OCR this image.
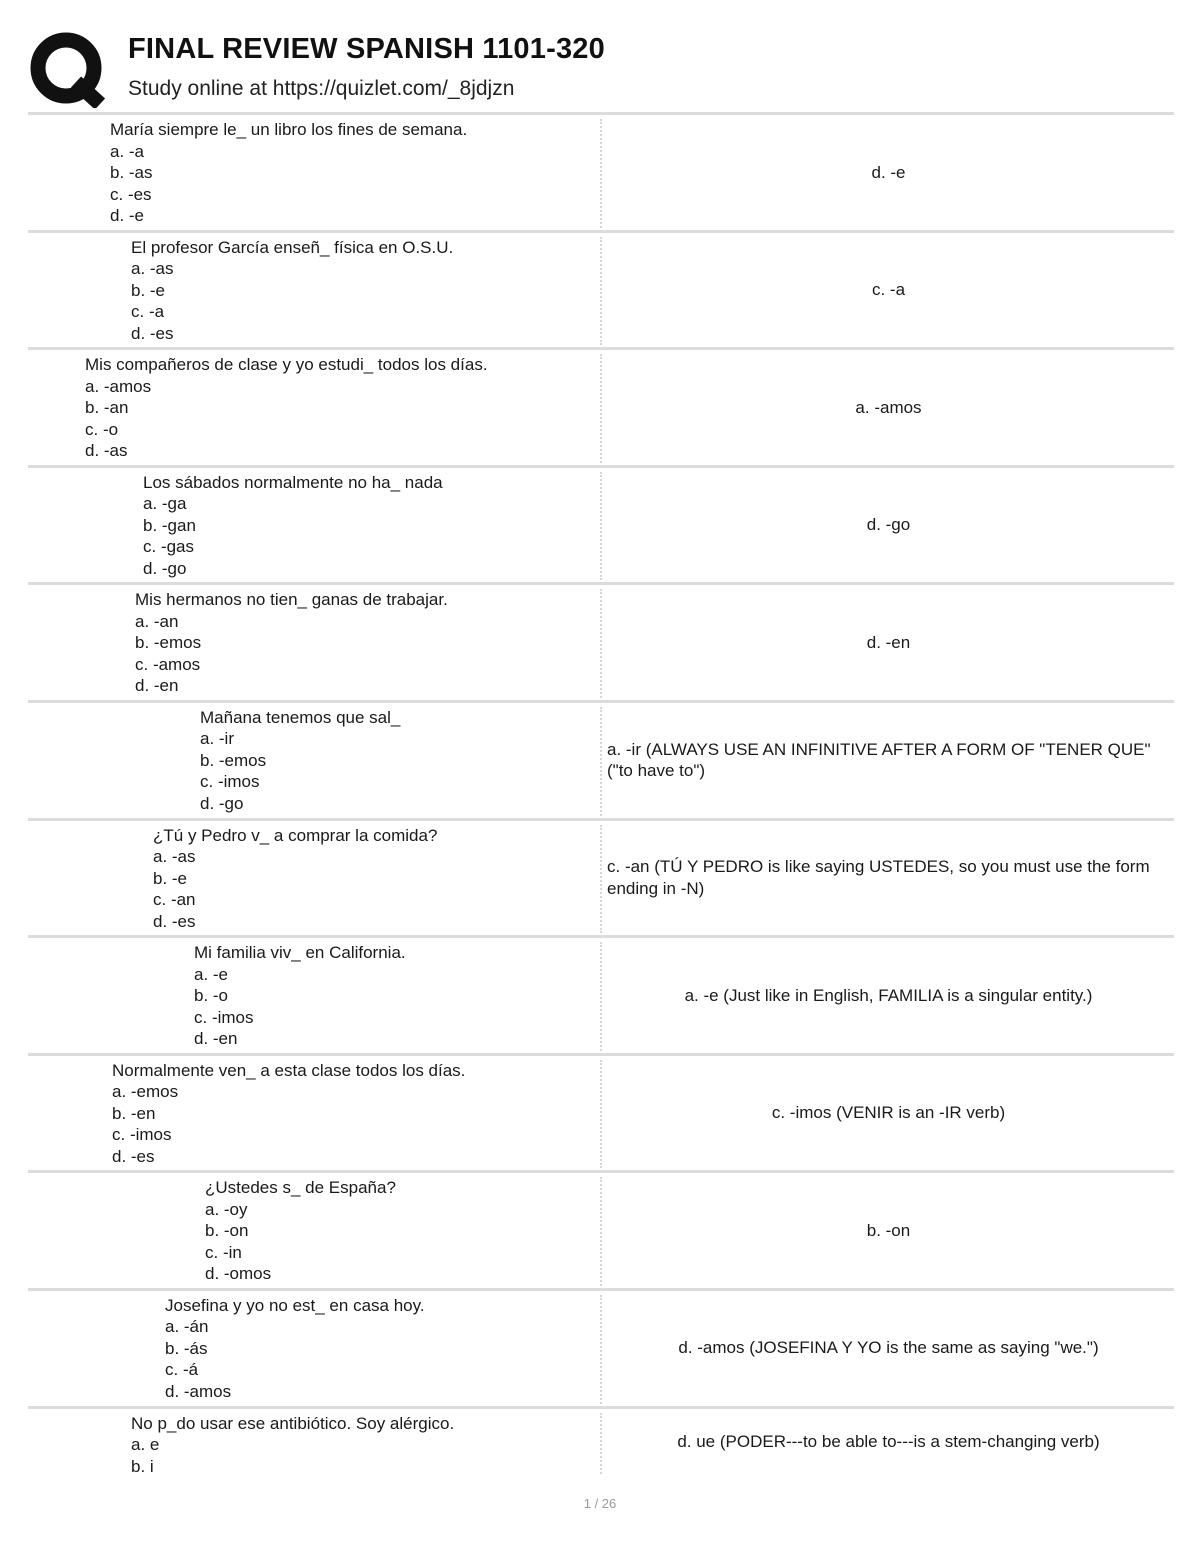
FINAL REVIEW SPANISH 1101-320

Study online at https://quizlet.com/_8jdjzn

María siempre le_ un libro los fines de semana.
a. -a
b. -as
c. -es
d. -e
d. -e
El profesor García enseñ_ física en O.S.U.
a. -as
b. -e
c. -a
d. -es
c. -a
Mis compañeros de clase y yo estudi_ todos los días.
a. -amos
b. -an
c. -o
d. -as
a. -amos
Los sábados normalmente no ha_ nada
a. -ga
b. -gan
c. -gas
d. -go
d. -go
Mis hermanos no tien_ ganas de trabajar.
a. -an
b. -emos
c. -amos
d. -en
d. -en
Mañana tenemos que sal_
a. -ir
b. -emos
c. -imos
d. -go
a. -ir (ALWAYS USE AN INFINITIVE AFTER A FORM OF "TENER QUE" ("to have to")
¿Tú y Pedro v_ a comprar la comida?
a. -as
b. -e
c. -an
d. -es
c. -an (TÚ Y PEDRO is like saying USTEDES, so you must use the form ending in -N)
Mi familia viv_ en California.
a. -e
b. -o
c. -imos
d. -en
a. -e (Just like in English, FAMILIA is a singular entity.)
Normalmente ven_ a esta clase todos los días.
a. -emos
b. -en
c. -imos
d. -es
c. -imos (VENIR is an -IR verb)
¿Ustedes s_ de España?
a. -oy
b. -on
c. -in
d. -omos
b. -on
Josefina y yo no est_ en casa hoy.
a. -án
b. -ás
c. -á
d. -amos
d. -amos (JOSEFINA Y YO is the same as saying "we.")
No p_do usar ese antibiótico. Soy alérgico.
a. e
b. i
d. ue (PODER---to be able to---is a stem-changing verb)
1 / 26
